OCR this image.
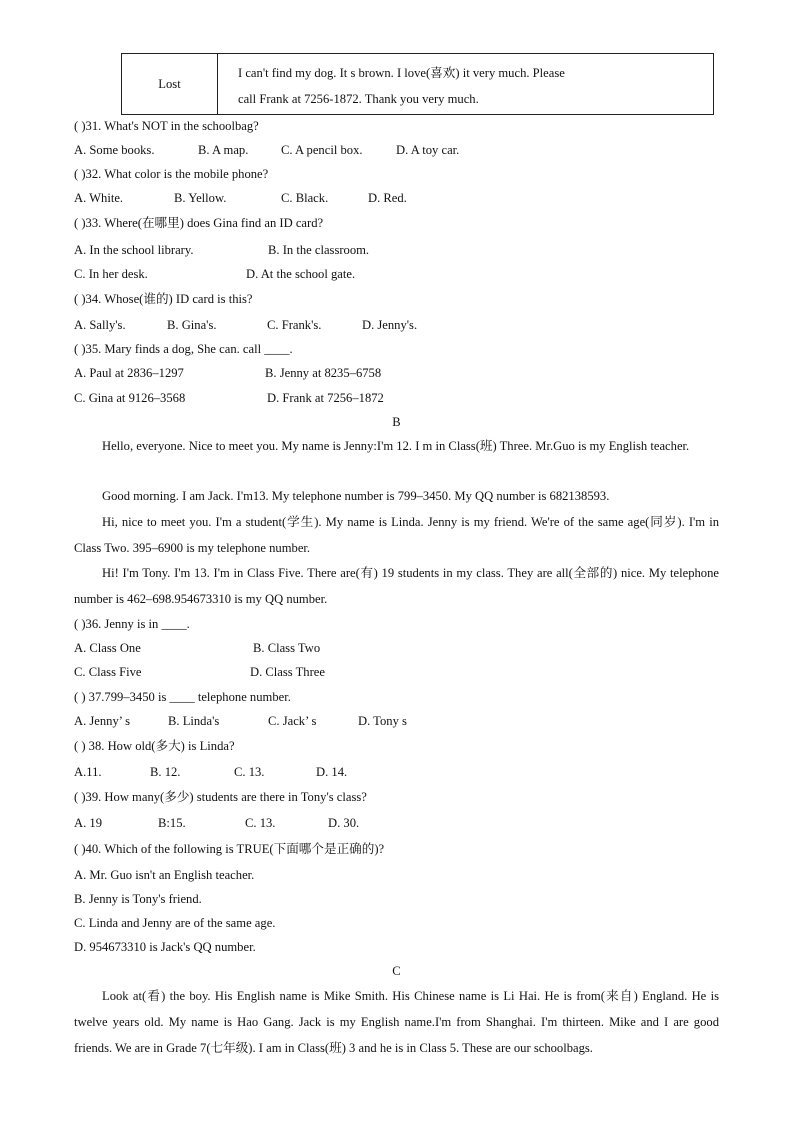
Lost
I can't find my dog. It s brown. I love(喜欢) it very much. Please
call Frank at 7256-1872. Thank you very much.
( )31. What's NOT in the schoolbag?
A. Some books.	B. A map.	C. A pencil box.	D. A toy car.
( )32. What color is the mobile phone?
A. White.	B. Yellow.	C. Black.	D. Red.
( )33. Where(在哪里) does Gina find an ID card?
A. In the school library.	B. In the classroom.
C. In her desk.	D. At the school gate.
( )34. Whose(谁的) ID card is this?
A. Sally's.	B. Gina's.	C. Frank's.	D. Jenny's.
( )35. Mary finds a dog, She can. call ____.
A. Paul at 2836–1297	B. Jenny at 8235–6758
C. Gina at 9126–3568	D. Frank at 7256–1872
B
Hello, everyone. Nice to meet you. My name is Jenny:I'm 12. I m in Class(班) Three. Mr.Guo is my English teacher.
Good morning. I am Jack. I'm13. My telephone number is 799–3450. My QQ number is 682138593.
Hi, nice to meet you. I'm a student(学生). My name is Linda. Jenny is my friend. We're of the same age(同岁). I'm in Class Two. 395–6900 is my telephone number.
Hi! I'm Tony. I'm 13. I'm in Class Five. There are(有) 19 students in my class. They are all(全部的) nice. My telephone number is 462–698.954673310 is my QQ number.
( )36. Jenny is in ____.
A. Class One	B. Class Two
C. Class Five	D. Class Three
( ) 37.799–3450 is ____ telephone number.
A. Jenny’ s	B. Linda's	C. Jack’ s	D. Tony s
( ) 38. How old(多大) is Linda?
A.11.	B. 12.	C. 13.	D. 14.
( )39. How many(多少) students are there in Tony's class?
A. 19	B:15.	C. 13.	D. 30.
( )40. Which of the following is TRUE(下面哪个是正确的)?
A. Mr. Guo isn't an English teacher.
B. Jenny is Tony's friend.
C. Linda and Jenny are of the same age.
D. 954673310 is Jack's QQ number.
C
Look at(看) the boy. His English name is Mike Smith. His Chinese name is Li Hai. He is from(来自) England. He is twelve years old. My name is Hao Gang. Jack is my English name.I'm from Shanghai. I'm thirteen. Mike and I are good friends. We are in Grade 7(七年级). I am in Class(班) 3 and he is in Class 5. These are our schoolbags.
